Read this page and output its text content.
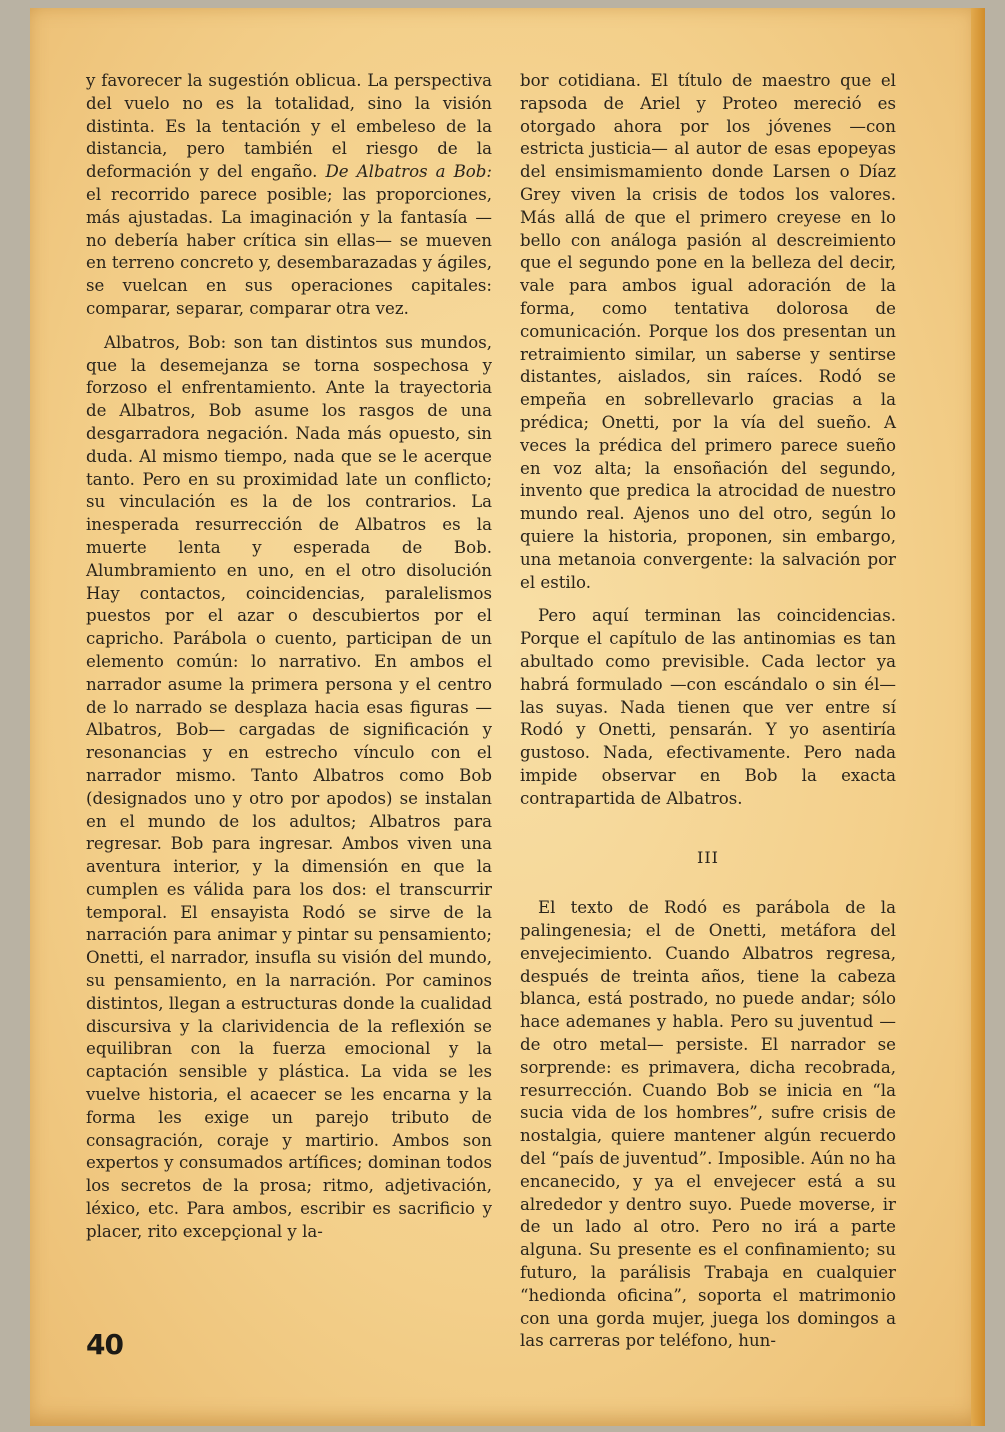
y favorecer la sugestión oblicua. La perspectiva del vuelo no es la totalidad, sino la visión distinta. Es la tentación y el embeleso de la distancia, pero también el riesgo de la deformación y del engaño. De Albatros a Bob: el recorrido parece posible; las proporciones, más ajustadas. La imaginación y la fantasía —no debería haber crítica sin ellas— se mueven en terreno concreto y, desembarazadas y ágiles, se vuelcan en sus operaciones capitales: comparar, separar, comparar otra vez.

Albatros, Bob: son tan distintos sus mundos, que la desemejanza se torna sospechosa y forzoso el enfrentamiento. Ante la trayectoria de Albatros, Bob asume los rasgos de una desgarradora negación. Nada más opuesto, sin duda. Al mismo tiempo, nada que se le acerque tanto. Pero en su proximidad late un conflicto; su vinculación es la de los contrarios. La inesperada resurrección de Albatros es la muerte lenta y esperada de Bob. Alumbramiento en uno, en el otro disolución Hay contactos, coincidencias, paralelismos puestos por el azar o descubiertos por el capricho. Parábola o cuento, participan de un elemento común: lo narrativo. En ambos el narrador asume la primera persona y el centro de lo narrado se desplaza hacia esas figuras —Albatros, Bob— cargadas de significación y resonancias y en estrecho vínculo con el narrador mismo. Tanto Albatros como Bob (designados uno y otro por apodos) se instalan en el mundo de los adultos; Albatros para regresar. Bob para ingresar. Ambos viven una aventura interior, y la dimensión en que la cumplen es válida para los dos: el transcurrir temporal. El ensayista Rodó se sirve de la narración para animar y pintar su pensamiento; Onetti, el narrador, insufla su visión del mundo, su pensamiento, en la narración. Por caminos distintos, llegan a estructuras donde la cualidad discursiva y la clarividencia de la reflexión se equilibran con la fuerza emocional y la captación sensible y plástica. La vida se les vuelve historia, el acaecer se les encarna y la forma les exige un parejo tributo de consagración, coraje y martirio. Ambos son expertos y consumados artífices; dominan todos los secretos de la prosa; ritmo, adjetivación, léxico, etc. Para ambos, escribir es sacrificio y placer, rito excepçional y la-

bor cotidiana. El título de maestro que el rapsoda de Ariel y Proteo mereció es otorgado ahora por los jóvenes —con estricta justicia— al autor de esas epopeyas del ensimismamiento donde Larsen o Díaz Grey viven la crisis de todos los valores. Más allá de que el primero creyese en lo bello con análoga pasión al descreimiento que el segundo pone en la belleza del decir, vale para ambos igual adoración de la forma, como tentativa dolorosa de comunicación. Porque los dos presentan un retraimiento similar, un saberse y sentirse distantes, aislados, sin raíces. Rodó se empeña en sobrellevarlo gracias a la prédica; Onetti, por la vía del sueño. A veces la prédica del primero parece sueño en voz alta; la ensoñación del segundo, invento que predica la atrocidad de nuestro mundo real. Ajenos uno del otro, según lo quiere la historia, proponen, sin embargo, una metanoia convergente: la salvación por el estilo.

Pero aquí terminan las coincidencias. Porque el capítulo de las antinomias es tan abultado como previsible. Cada lector ya habrá formulado —con escándalo o sin él— las suyas. Nada tienen que ver entre sí Rodó y Onetti, pensarán. Y yo asentiría gustoso. Nada, efectivamente. Pero nada impide observar en Bob la exacta contrapartida de Albatros.

III

El texto de Rodó es parábola de la palingenesia; el de Onetti, metáfora del envejecimiento. Cuando Albatros regresa, después de treinta años, tiene la cabeza blanca, está postrado, no puede andar; sólo hace ademanes y habla. Pero su juventud —de otro metal— persiste. El narrador se sorprende: es primavera, dicha recobrada, resurrección. Cuando Bob se inicia en “la sucia vida de los hombres”, sufre crisis de nostalgia, quiere mantener algún recuerdo del “país de juventud”. Imposible. Aún no ha encanecido, y ya el envejecer está a su alrededor y dentro suyo. Puede moverse, ir de un lado al otro. Pero no irá a parte alguna. Su presente es el confinamiento; su futuro, la parálisis Trabaja en cualquier “hedionda oficina”, soporta el matrimonio con una gorda mujer, juega los domingos a las carreras por teléfono, hun-

40
